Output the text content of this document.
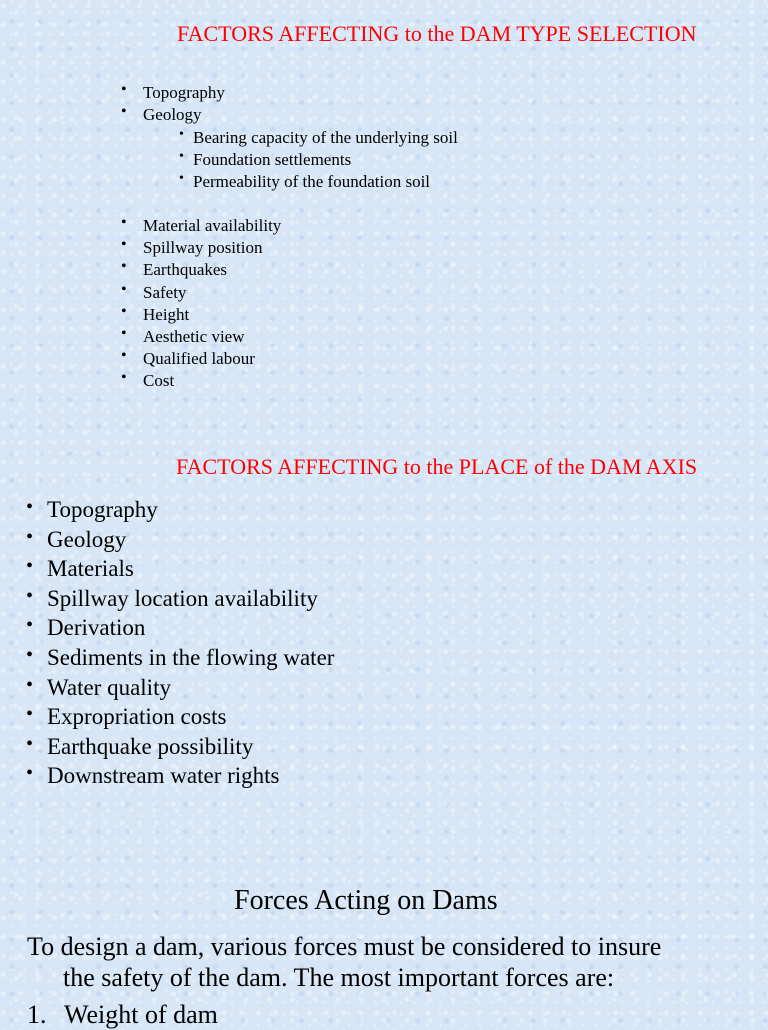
FACTORS AFFECTING to the DAM TYPE SELECTION
• Topography
• Geology
• Bearing capacity of the underlying soil
• Foundation settlements
• Permeability of the foundation soil
• Material availability
• Spillway position
• Earthquakes
• Safety
• Height
• Aesthetic view
• Qualified labour
• Cost
FACTORS AFFECTING to the PLACE of the DAM AXIS
• Topography
• Geology
• Materials
• Spillway location availability
• Derivation
• Sediments in the flowing water
• Water quality
• Expropriation costs
• Earthquake possibility
• Downstream water rights
Forces Acting on Dams
To design a dam, various forces must be considered to insure
the safety of the dam. The most important forces are:
1. Weight of dam
